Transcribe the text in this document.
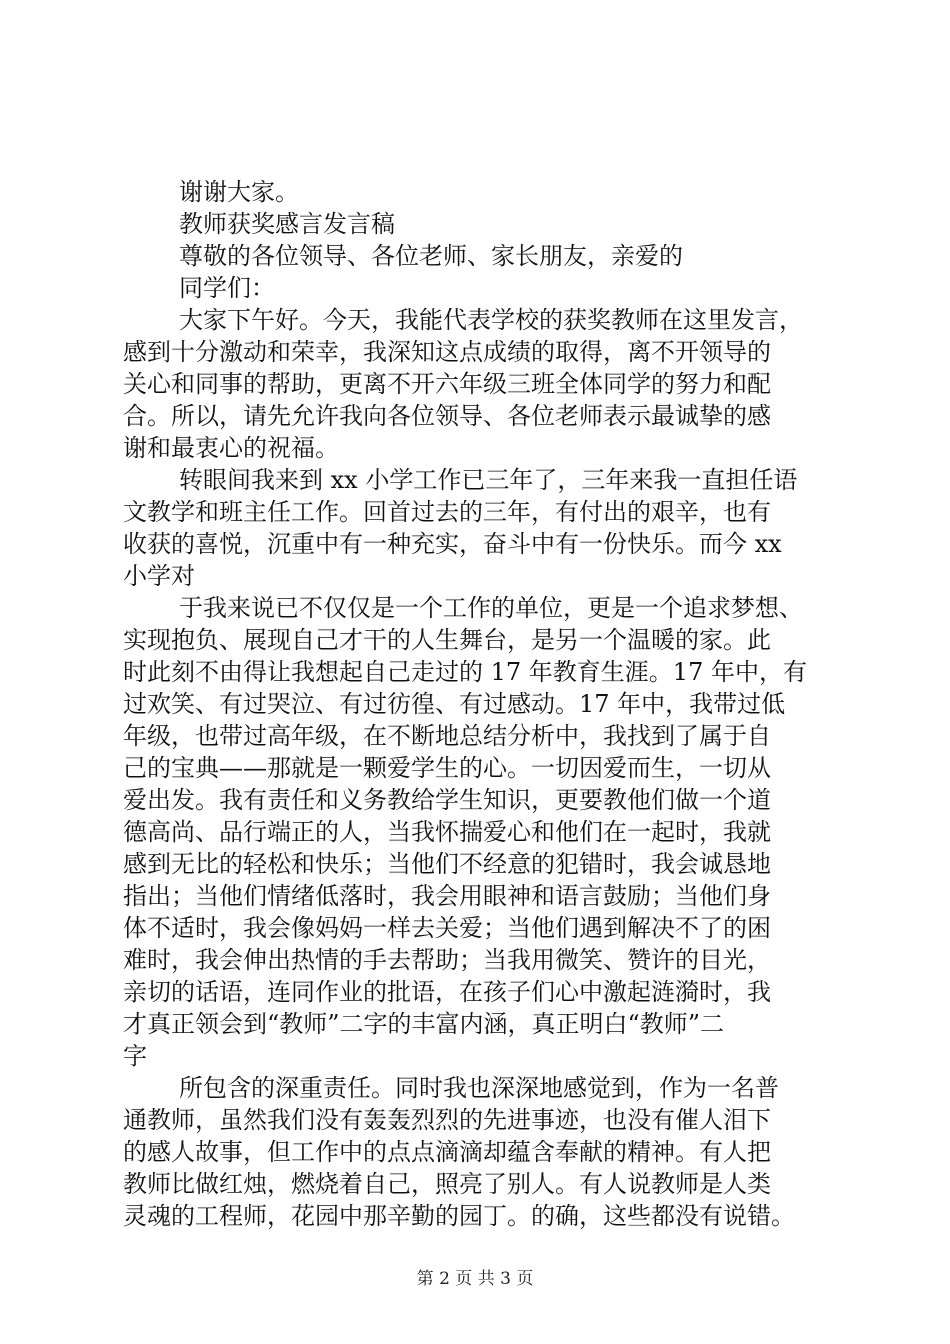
谢谢大家。
教师获奖感言发言稿
尊敬的各位领导、各位老师、家长朋友，亲爱的
同学们：
大家下午好。今天，我能代表学校的获奖教师在这里发言，
感到十分激动和荣幸，我深知这点成绩的取得，离不开领导的
关心和同事的帮助，更离不开六年级三班全体同学的努力和配
合。所以，请先允许我向各位领导、各位老师表示最诚挚的感
谢和最衷心的祝福。
转眼间我来到 xx 小学工作已三年了，三年来我一直担任语
文教学和班主任工作。回首过去的三年，有付出的艰辛，也有
收获的喜悦，沉重中有一种充实，奋斗中有一份快乐。而今 xx
小学对
于我来说已不仅仅是一个工作的单位，更是一个追求梦想、
实现抱负、展现自己才干的人生舞台，是另一个温暖的家。此
时此刻不由得让我想起自己走过的 17 年教育生涯。17 年中，有
过欢笑、有过哭泣、有过彷徨、有过感动。17 年中，我带过低
年级，也带过高年级，在不断地总结分析中，我找到了属于自
己的宝典——那就是一颗爱学生的心。一切因爱而生，一切从
爱出发。我有责任和义务教给学生知识，更要教他们做一个道
德高尚、品行端正的人，当我怀揣爱心和他们在一起时，我就
感到无比的轻松和快乐；当他们不经意的犯错时，我会诚恳地
指出；当他们情绪低落时，我会用眼神和语言鼓励；当他们身
体不适时，我会像妈妈一样去关爱；当他们遇到解决不了的困
难时，我会伸出热情的手去帮助；当我用微笑、赞许的目光，
亲切的话语，连同作业的批语，在孩子们心中激起涟漪时，我
才真正领会到“教师”二字的丰富内涵，真正明白“教师”二
字
所包含的深重责任。同时我也深深地感觉到，作为一名普
通教师，虽然我们没有轰轰烈烈的先进事迹，也没有催人泪下
的感人故事，但工作中的点点滴滴却蕴含奉献的精神。有人把
教师比做红烛，燃烧着自己，照亮了别人。有人说教师是人类
灵魂的工程师，花园中那辛勤的园丁。的确，这些都没有说错。
第 2 页 共 3 页
